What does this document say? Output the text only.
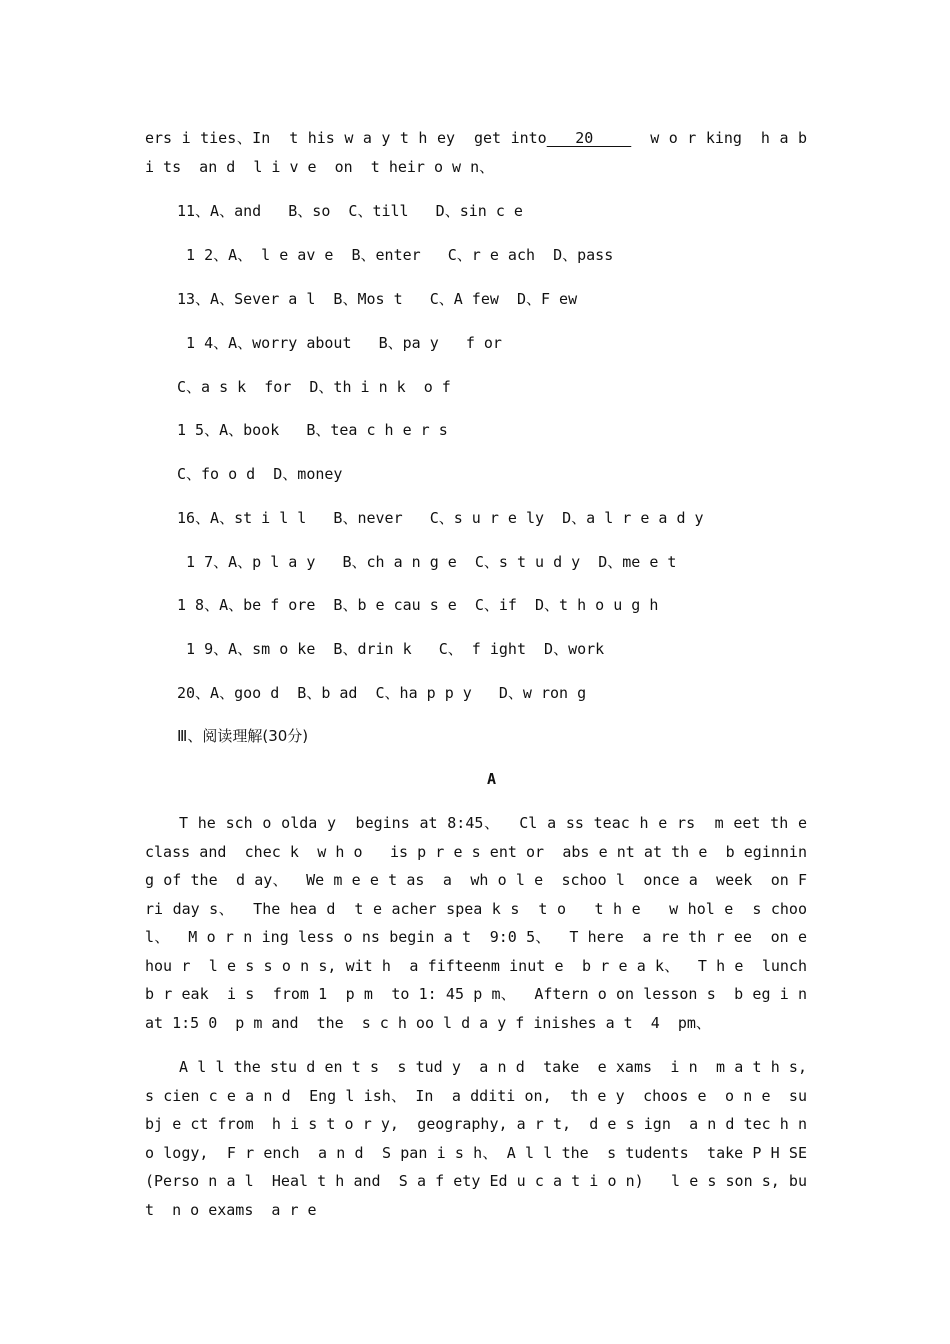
ers i ties、In  t his w a y t h ey  get into   20      w o r king  h a b i ts  an d  l i v e  on  t heir o w n、

11、A、and   B、so  C、till   D、sin c e

1 2、A、 l e av e  B、enter   C、r e ach  D、pass

13、A、Sever a l  B、Mos t   C、A few  D、F ew

1 4、A、worry about   B、pa y   f or

C、a s k  for  D、th i n k  o f

1 5、A、book   B、tea c h e r s

C、fo o d  D、money

16、A、st i l l   B、never   C、s u r e ly  D、a l r e a d y

1 7、A、p l a y   B、ch a n g e  C、s t u d y  D、me e t

1 8、A、be f ore  B、b e cau s e  C、if  D、t h o u g h

1 9、A、sm o ke  B、drin k   C、 f ight  D、work

20、A、goo d  B、b ad  C、ha p p y   D、w ron g

Ⅲ、阅读理解(30分)

A

T he sch o olda y  begins at 8:45、  Cl a ss teac h e rs  m eet th e  class and  chec k  w h o   is p r e s ent or  abs e nt at th e  b eginning of the  d ay、  We m e e t as  a  wh o l e  schoo l  once a  week  on Fri day s、  The hea d  t e acher spea k s  t o   t h e   w hol e  s chool、  M o r n ing less o ns begin a t  9:0 5、  T here  a re th r ee  on e hou r  l e s s o n s, wit h  a fifteenm inut e  b r e a k、  T h e  lunch b r eak  i s  from 1  p m  to 1: 45 p m、  Aftern o on lesson s  b eg i n  at 1:5 0  p m and  the  s c h oo l d a y f inishes a t  4  pm、

A l l the stu d en t s  s tud y  a n d  take  e xams  i n  m a t h s,  s cien c e a n d  Eng l ish、 In  a dditi on,  th e y  choos e  o n e  subj e ct from  h i s t o r y,  geography, a r t,  d e s ign  a n d tec h n o logy,  F r ench  a n d  S pan i s h、 A l l the  s tudents  take P H SE  (Perso n a l  Heal t h and  S a f ety Ed u c a t i o n)   l e s son s, but  n o exams  a r e
